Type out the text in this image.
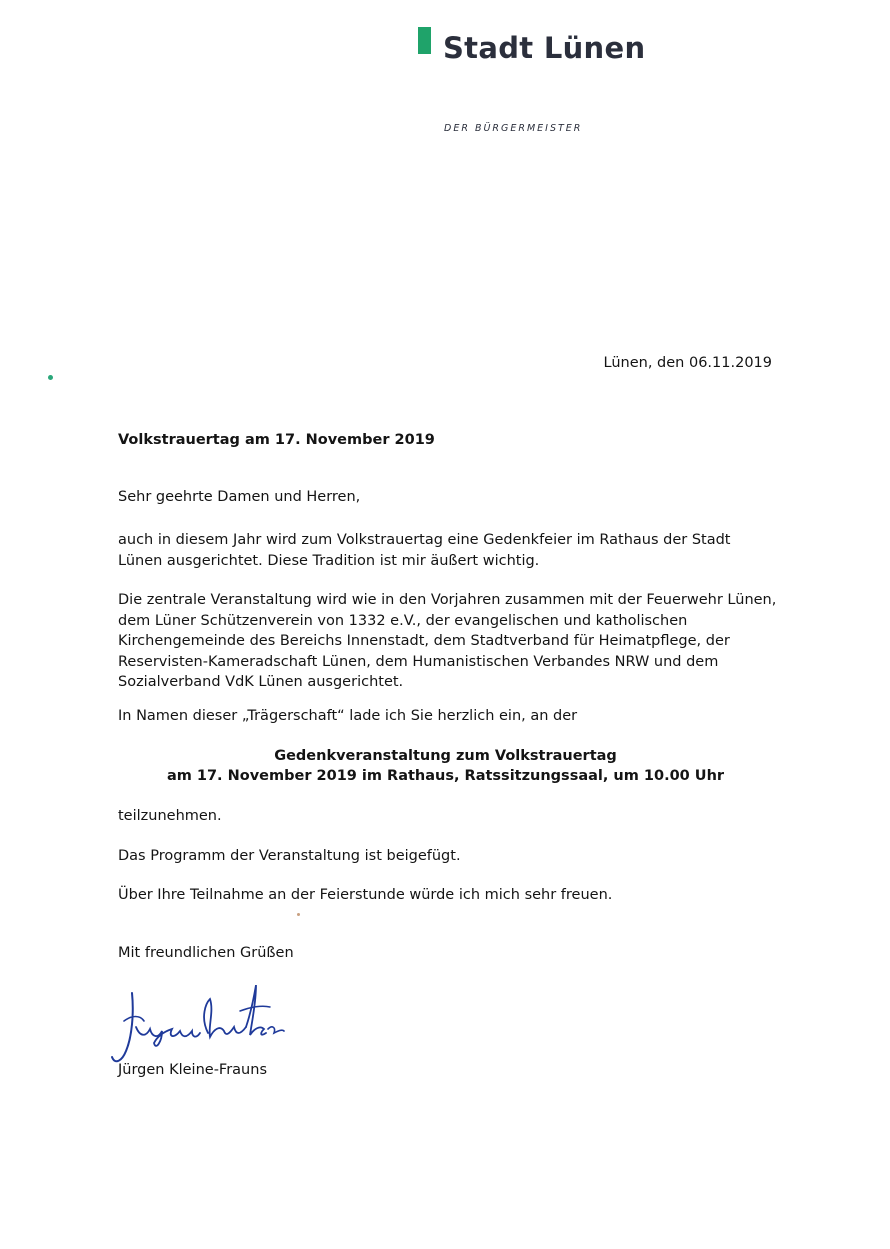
Stadt Lünen
DER BÜRGERMEISTER
Lünen, den 06.11.2019

Volkstrauertag am 17. November 2019

Sehr geehrte Damen und Herren,

auch in diesem Jahr wird zum Volkstrauertag eine Gedenkfeier im Rathaus der Stadt Lünen ausgerichtet. Diese Tradition ist mir äußert wichtig.

Die zentrale Veranstaltung wird wie in den Vorjahren zusammen mit der Feuerwehr Lünen, dem Lüner Schützenverein von 1332 e.V., der evangelischen und katholischen Kirchengemeinde des Bereichs Innenstadt, dem Stadtverband für Heimatpflege, der Reservisten-Kameradschaft Lünen, dem Humanistischen Verbandes NRW und dem Sozialverband VdK Lünen ausgerichtet.

In Namen dieser „Trägerschaft“ lade ich Sie herzlich ein, an der

Gedenkveranstaltung zum Volkstrauertag
am 17. November 2019 im Rathaus, Ratssitzungssaal, um 10.00 Uhr

teilzunehmen.

Das Programm der Veranstaltung ist beigefügt.

Über Ihre Teilnahme an der Feierstunde würde ich mich sehr freuen.

Mit freundlichen Grüßen

Jürgen Kleine-Frauns
